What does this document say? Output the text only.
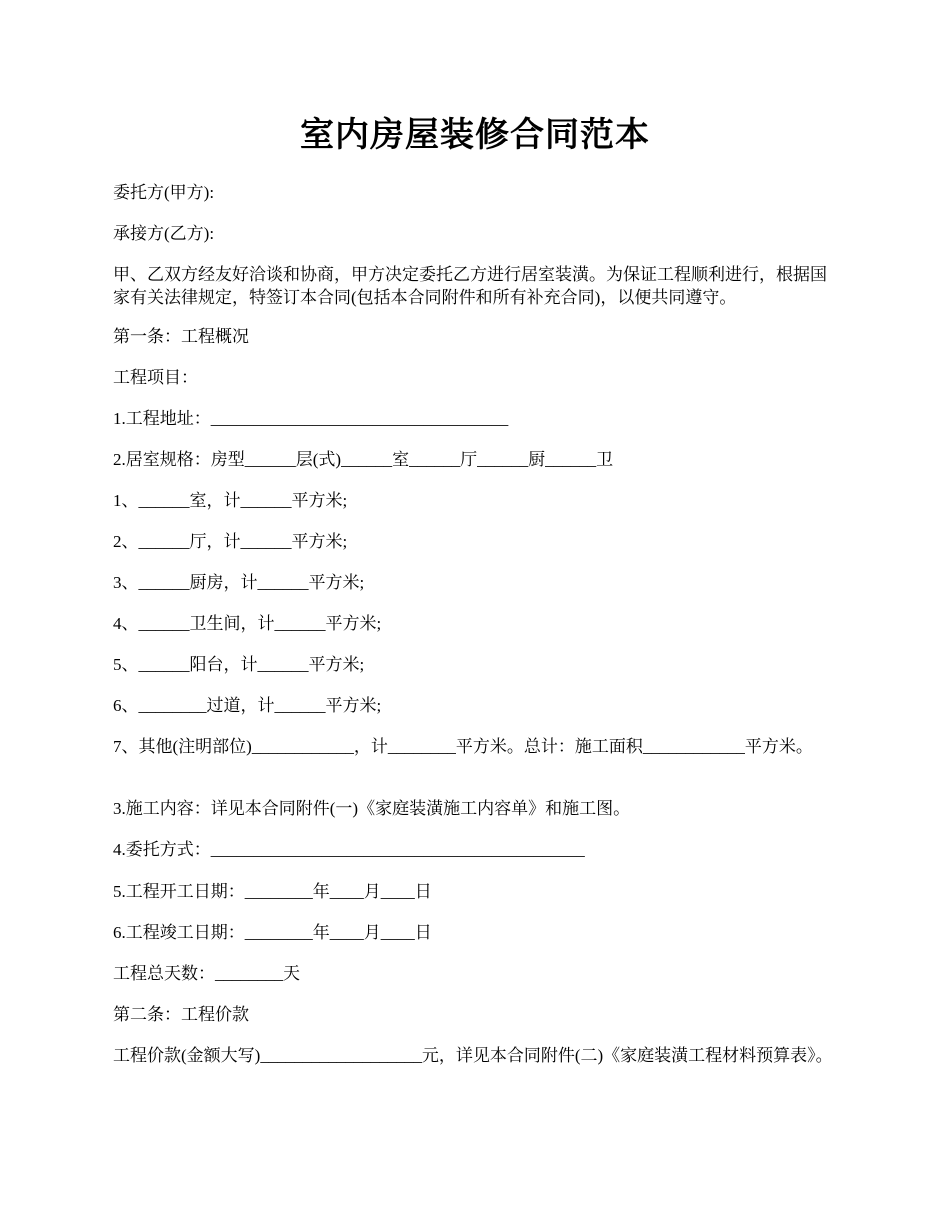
室内房屋装修合同范本

委托方(甲方):

承接方(乙方):

甲、乙双方经友好洽谈和协商，甲方决定委托乙方进行居室装潢。为保证工程顺利进行，根据国家有关法律规定，特签订本合同(包括本合同附件和所有补充合同)，以便共同遵守。

第一条：工程概况

工程项目：

1.工程地址：___________________________________

2.居室规格：房型______层(式)______室______厅______厨______卫

1、______室，计______平方米;

2、______厅，计______平方米;

3、______厨房，计______平方米;

4、______卫生间，计______平方米;

5、______阳台，计______平方米;

6、________过道，计______平方米;

7、其他(注明部位)____________，计________平方米。总计：施工面积____________平方米。

3.施工内容：详见本合同附件(一)《家庭装潢施工内容单》和施工图。

4.委托方式：____________________________________________

5.工程开工日期：________年____月____日

6.工程竣工日期：________年____月____日

工程总天数：________天

第二条：工程价款

工程价款(金额大写)___________________元，详见本合同附件(二)《家庭装潢工程材料预算表》。
